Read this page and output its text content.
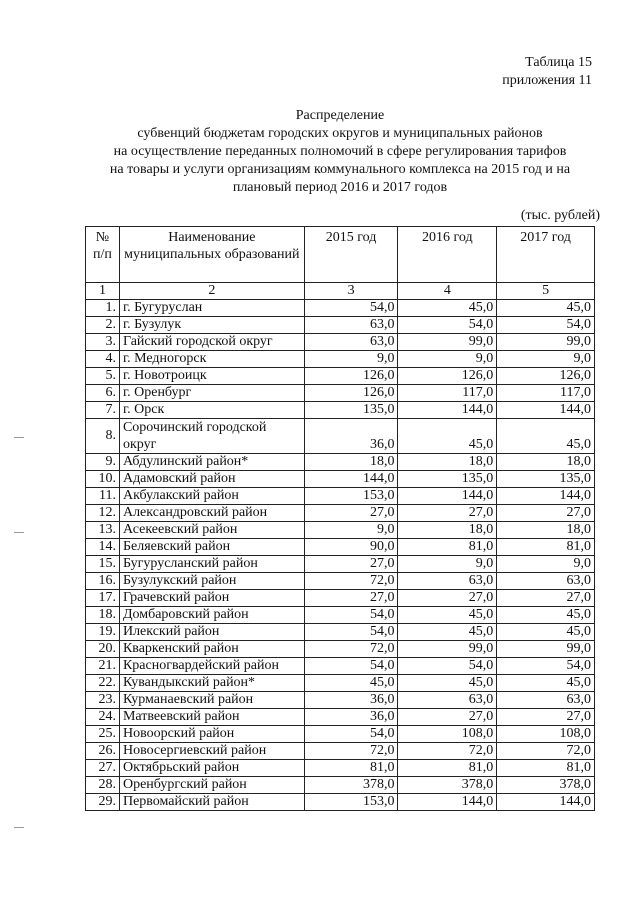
Таблица 15
приложения 11
Распределение
субвенций бюджетам городских округов и муниципальных районов
на осуществление переданных полномочий в сфере регулирования тарифов
на товары и услуги организациям коммунального комплекса на 2015 год и на
плановый период 2016 и 2017 годов
(тыс. рублей)
№ п/п	Наименование муниципальных образований	2015 год	2016 год	2017 год
1	2	3	4	5
1.	г. Бугуруслан	54,0	45,0	45,0
2.	г. Бузулук	63,0	54,0	54,0
3.	Гайский городской округ	63,0	99,0	99,0
4.	г. Медногорск	9,0	9,0	9,0
5.	г. Новотроицк	126,0	126,0	126,0
6.	г. Оренбург	126,0	117,0	117,0
7.	г. Орск	135,0	144,0	144,0
8.	Сорочинский городской округ	36,0	45,0	45,0
9.	Абдулинский район*	18,0	18,0	18,0
10.	Адамовский район	144,0	135,0	135,0
11.	Акбулакский район	153,0	144,0	144,0
12.	Александровский район	27,0	27,0	27,0
13.	Асекеевский район	9,0	18,0	18,0
14.	Беляевский район	90,0	81,0	81,0
15.	Бугурусланский район	27,0	9,0	9,0
16.	Бузулукский район	72,0	63,0	63,0
17.	Грачевский район	27,0	27,0	27,0
18.	Домбаровский район	54,0	45,0	45,0
19.	Илекский район	54,0	45,0	45,0
20.	Кваркенский район	72,0	99,0	99,0
21.	Красногвардейский район	54,0	54,0	54,0
22.	Кувандыкский район*	45,0	45,0	45,0
23.	Курманаевский район	36,0	63,0	63,0
24.	Матвеевский район	36,0	27,0	27,0
25.	Новоорский район	54,0	108,0	108,0
26.	Новосергиевский район	72,0	72,0	72,0
27.	Октябрьский район	81,0	81,0	81,0
28.	Оренбургский район	378,0	378,0	378,0
29.	Первомайский район	153,0	144,0	144,0
